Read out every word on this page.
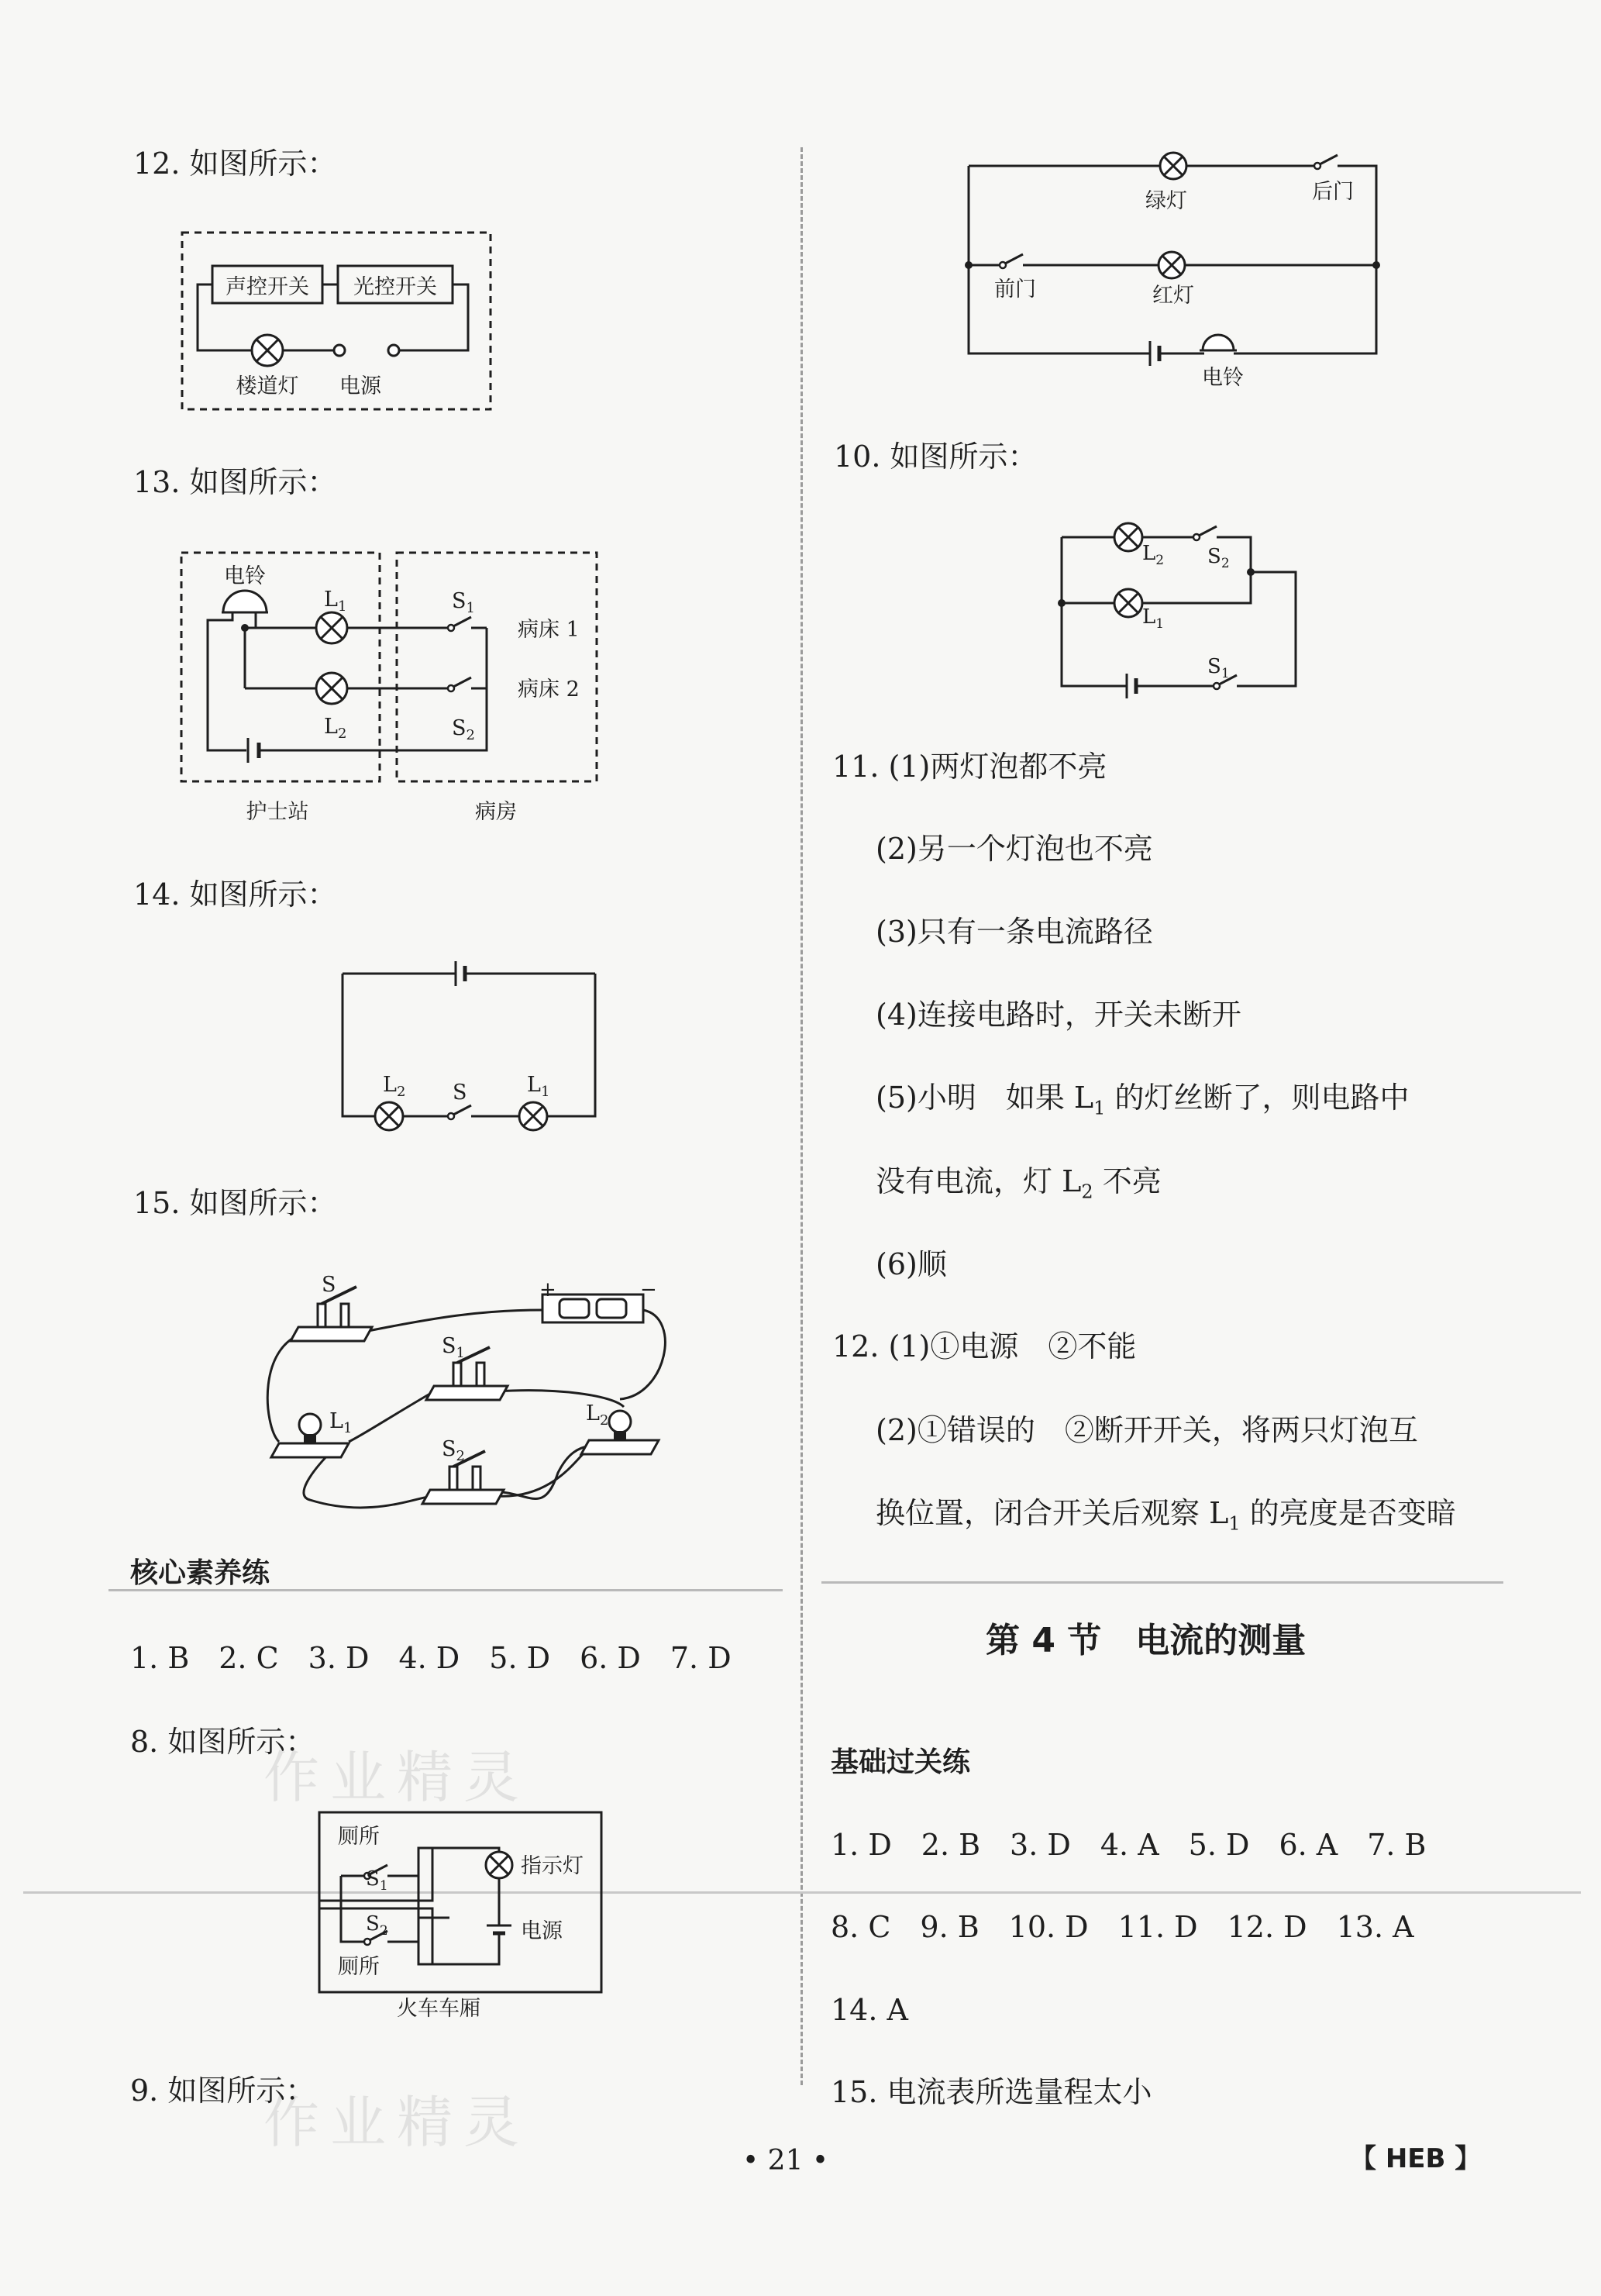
作业精灵
作业精灵
12. 如图所示：
声控开关 光控开关
楼道灯 电源
13. 如图所示：
电铃
$L_1$
$L_2$
$S_1$
$S_2$
病床 1
病床 2
护士站	病房
14. 如图所示：
$L_2$ S	$L_1$
15. 如图所示：
S
$S_1$
$S_2$
$L_1$
$L_2$
+	−
核心素养练
1. B　2. C　3. D　4. D　5. D　6. D　7. D
8. 如图所示：
厕所
厕所
$S_1$
$S_2$
指示灯
电源
火车车厢
9. 如图所示：
绿灯	后门
前门	红灯
电铃
10. 如图所示：
$L_2$ $S_2$
$L_1$
$S_1$
11. (1)两灯泡都不亮
(2)另一个灯泡也不亮
(3)只有一条电流路径
(4)连接电路时，开关未断开
(5)小明　如果 $L_1$ 的灯丝断了，则电路中
没有电流，灯 $L_2$ 不亮
(6)顺
12. (1)①电源　②不能
(2)①错误的　②断开开关，将两只灯泡互
换位置，闭合开关后观察 $L_1$ 的亮度是否变暗
第 4 节　电流的测量
基础过关练
1. D　2. B　3. D　4. A　5. D　6. A　7. B
8. C　9. B　10. D　11. D　12. D　13. A
14. A
15. 电流表所选量程太小
• 21 •	【 HEB 】
